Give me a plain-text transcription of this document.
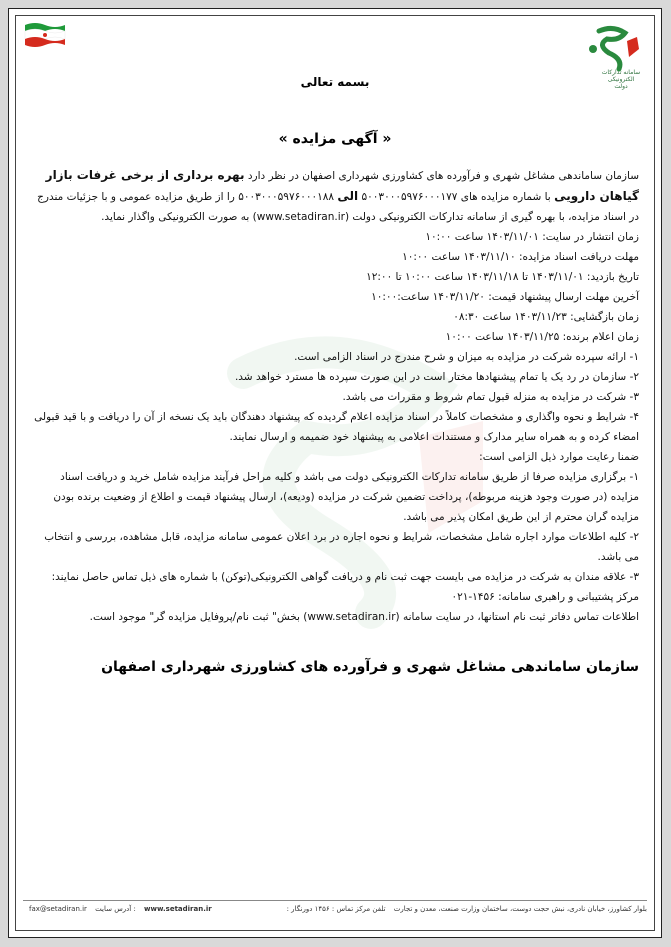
سامانه تدارکات الکترونیکی دولت
بسمه تعالی
« آگهی مزایده »

سازمان ساماندهی مشاغل شهری و فرآورده های کشاورزی شهرداری اصفهان در نظر دارد بهره برداری از برخی غرفات بازار گیاهان دارویی با شماره مزایده های ۵۰۰۳۰۰۰۵۹۷۶۰۰۰۱۷۷ الی ۵۰۰۳۰۰۰۵۹۷۶۰۰۰۱۸۸ را از طریق مزایده عمومی و با جزئیات مندرج در اسناد مزایده، با بهره گیری از سامانه تدارکات الکترونیکی دولت (www.setadiran.ir) به صورت الکترونیکی واگذار نماید.

زمان انتشار در سایت: ۱۴۰۳/۱۱/۰۱ ساعت ۱۰:۰۰

مهلت دریافت اسناد مزایده: ۱۴۰۳/۱۱/۱۰ ساعت ۱۰:۰۰

تاریخ بازدید: ۱۴۰۳/۱۱/۰۱ تا ۱۴۰۳/۱۱/۱۸ ساعت ۱۰:۰۰ تا ۱۲:۰۰

آخرین مهلت ارسال پیشنهاد قیمت: ۱۴۰۳/۱۱/۲۰ ساعت:۱۰:۰۰

زمان بازگشایی: ۱۴۰۳/۱۱/۲۳ ساعت ۰۸:۳۰

زمان اعلام برنده: ۱۴۰۳/۱۱/۲۵ ساعت ۱۰:۰۰

۱- ارائه سپرده شرکت در مزایده به میزان و شرح مندرج در اسناد الزامی است.

۲- سازمان در رد یک یا تمام پیشنهادها مختار است در این صورت سپرده ها مسترد خواهد شد.

۳- شرکت در مزایده به منزله قبول تمام شروط و مقررات می باشد.

۴- شرایط و نحوه واگذاری و مشخصات کاملاً در اسناد مزایده اعلام گردیده که پیشنهاد دهندگان باید یک نسخه از آن را دریافت و با قید قبولی امضاء کرده و به همراه سایر مدارک و مستندات اعلامی به پیشنهاد خود ضمیمه و ارسال نمایند.

ضمنا رعایت موارد ذیل الزامی است:

۱- برگزاری مزایده صرفا از طریق سامانه تدارکات الکترونیکی دولت می باشد و کلیه مراحل فرآیند مزایده شامل خرید و دریافت اسناد مزایده (در صورت وجود هزینه مربوطه)، پرداخت تضمین شرکت در مزایده (ودیعه)، ارسال پیشنهاد قیمت و اطلاع از وضعیت برنده بودن مزایده گران محترم از این طریق امکان پذیر می باشد.

۲- کلیه اطلاعات موارد اجاره شامل مشخصات، شرایط و نحوه اجاره در برد اعلان عمومی سامانه مزایده، قابل مشاهده، بررسی و انتخاب می باشد.

۳- علاقه مندان به شرکت در مزایده می بایست جهت ثبت نام و دریافت گواهی الکترونیکی(توکن) با شماره های ذیل تماس حاصل نمایند:

مرکز پشتیبانی و راهبری سامانه: ۱۴۵۶-۰۲۱

اطلاعات تماس دفاتر ثبت نام استانها، در سایت سامانه (www.setadiran.ir) بخش" ثبت نام/پروفایل مزایده گر" موجود است.

سازمان ساماندهی مشاغل شهری و فرآورده های کشاورزی شهرداری اصفهان
بلوار کشاورز، خیابان نادری، نبش حجت دوست، ساختمان وزارت صنعت، معدن و تجارت تلفن مرکز تماس : ۱۴۵۶ دورنگار :
fax@setadiran.ir آدرس سایت : www.setadiran.ir
